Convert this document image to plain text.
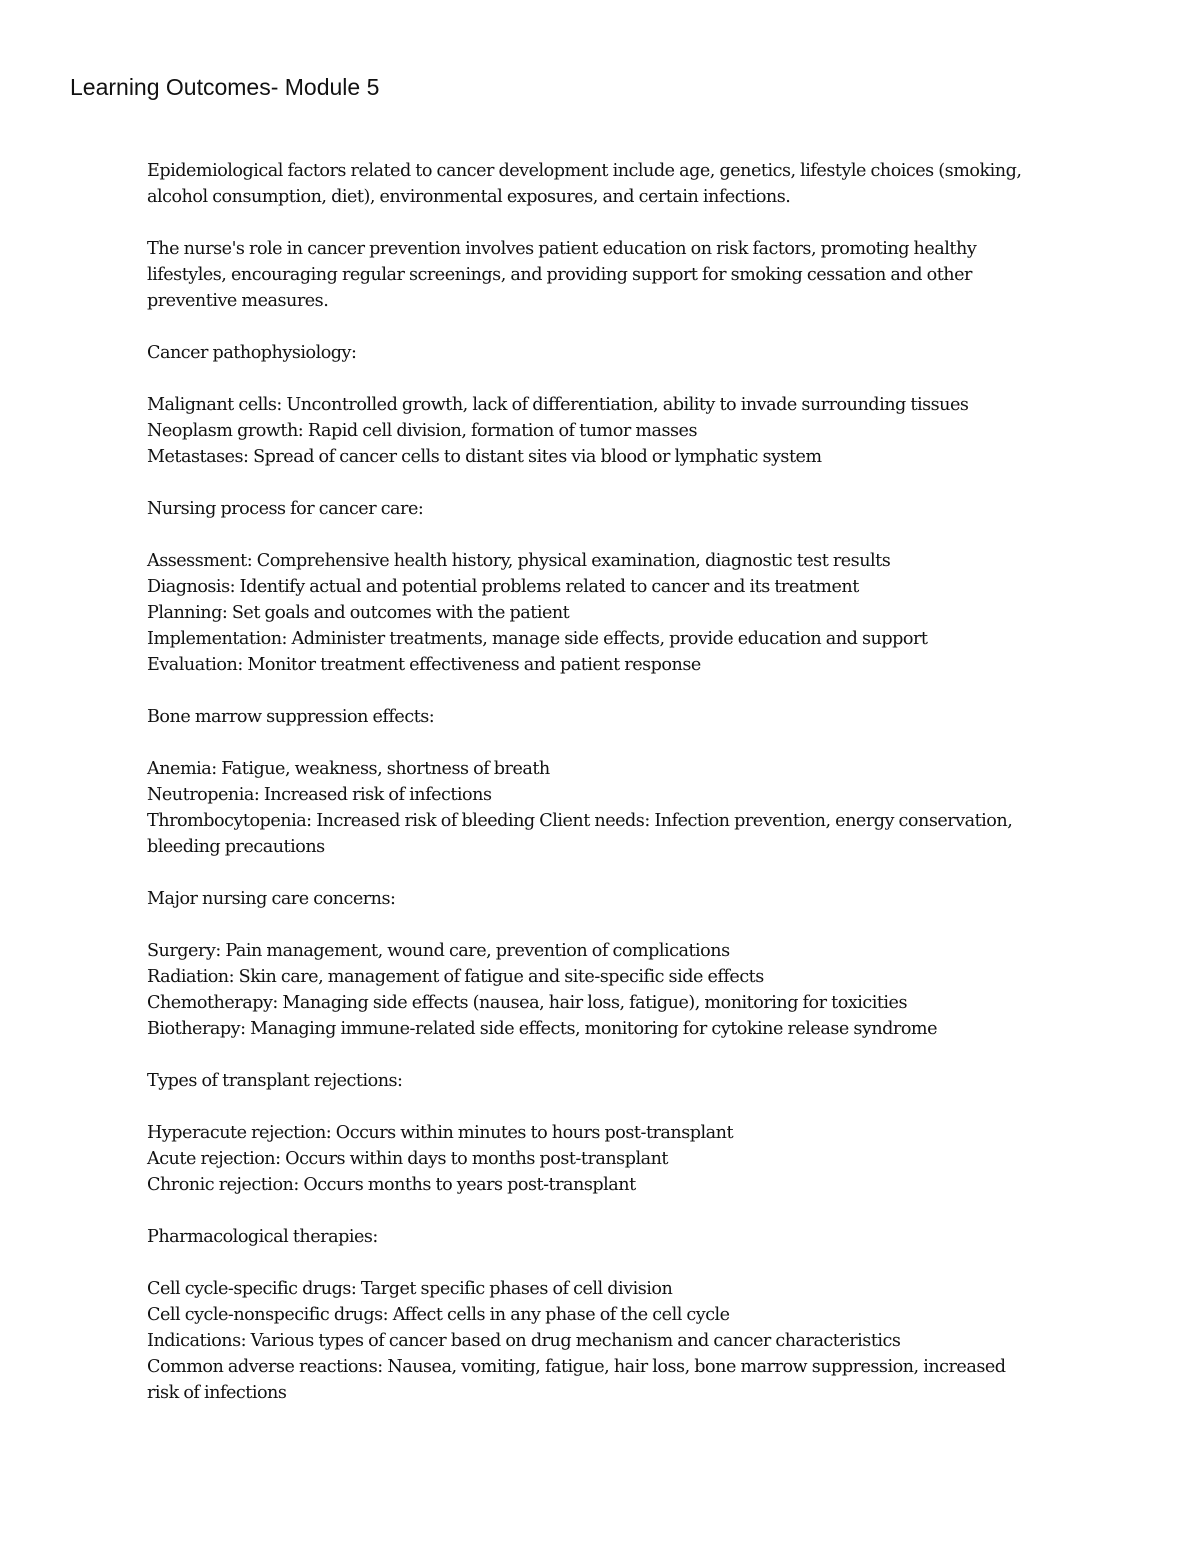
Learning Outcomes- Module 5
Epidemiological factors related to cancer development include age, genetics, lifestyle choices (smoking,
alcohol consumption, diet), environmental exposures, and certain infections.
The nurse's role in cancer prevention involves patient education on risk factors, promoting healthy
lifestyles, encouraging regular screenings, and providing support for smoking cessation and other
preventive measures.
Cancer pathophysiology:
Malignant cells: Uncontrolled growth, lack of differentiation, ability to invade surrounding tissues
Neoplasm growth: Rapid cell division, formation of tumor masses
Metastases: Spread of cancer cells to distant sites via blood or lymphatic system
Nursing process for cancer care:
Assessment: Comprehensive health history, physical examination, diagnostic test results
Diagnosis: Identify actual and potential problems related to cancer and its treatment
Planning: Set goals and outcomes with the patient
Implementation: Administer treatments, manage side effects, provide education and support
Evaluation: Monitor treatment effectiveness and patient response
Bone marrow suppression effects:
Anemia: Fatigue, weakness, shortness of breath
Neutropenia: Increased risk of infections
Thrombocytopenia: Increased risk of bleeding Client needs: Infection prevention, energy conservation,
bleeding precautions
Major nursing care concerns:
Surgery: Pain management, wound care, prevention of complications
Radiation: Skin care, management of fatigue and site-specific side effects
Chemotherapy: Managing side effects (nausea, hair loss, fatigue), monitoring for toxicities
Biotherapy: Managing immune-related side effects, monitoring for cytokine release syndrome
Types of transplant rejections:
Hyperacute rejection: Occurs within minutes to hours post-transplant
Acute rejection: Occurs within days to months post-transplant
Chronic rejection: Occurs months to years post-transplant
Pharmacological therapies:
Cell cycle-specific drugs: Target specific phases of cell division
Cell cycle-nonspecific drugs: Affect cells in any phase of the cell cycle
Indications: Various types of cancer based on drug mechanism and cancer characteristics
Common adverse reactions: Nausea, vomiting, fatigue, hair loss, bone marrow suppression, increased
risk of infections
